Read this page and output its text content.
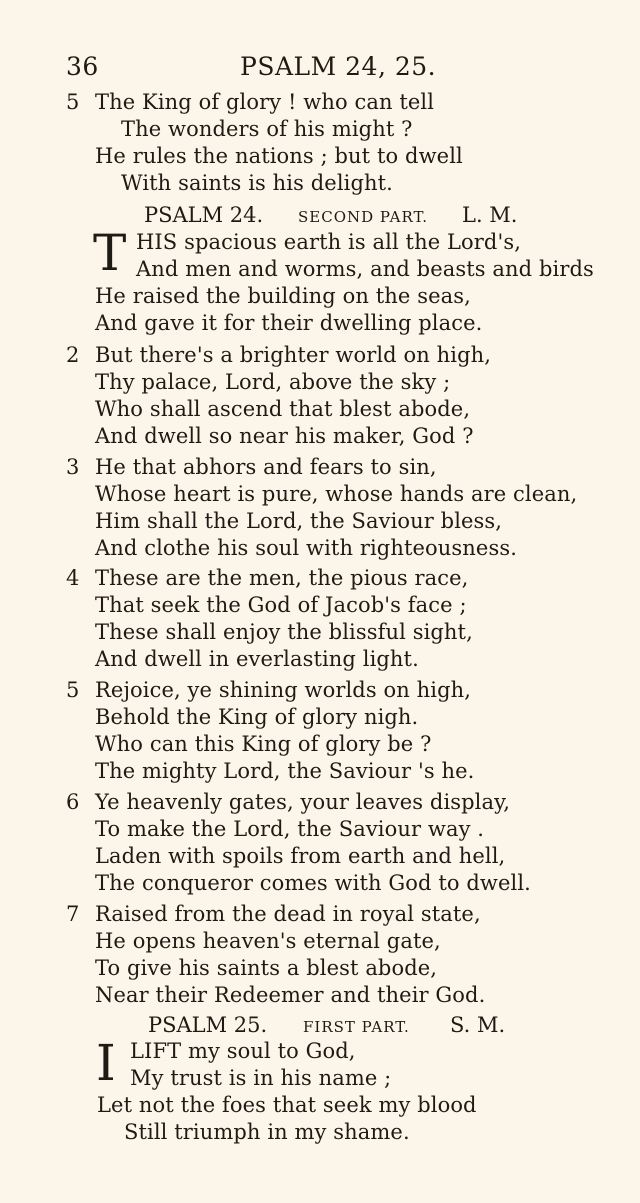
36	PSALM 24, 25.
5 The King of glory ! who can tell
The wonders of his might ?
He rules the nations ; but to dwell
With saints is his delight.
PSALM 24. SECOND PART. L. M.
T HIS spacious earth is all the Lord's,
And men and worms, and beasts and birds
He raised the building on the seas,
And gave it for their dwelling place.
2 But there's a brighter world on high,
Thy palace, Lord, above the sky ;
Who shall ascend that blest abode,
And dwell so near his maker, God ?
3 He that abhors and fears to sin,
Whose heart is pure, whose hands are clean,
Him shall the Lord, the Saviour bless,
And clothe his soul with righteousness.
4 These are the men, the pious race,
That seek the God of Jacob's face ;
These shall enjoy the blissful sight,
And dwell in everlasting light.
5 Rejoice, ye shining worlds on high,
Behold the King of glory nigh.
Who can this King of glory be ?
The mighty Lord, the Saviour 's he.
6 Ye heavenly gates, your leaves display,
To make the Lord, the Saviour way .
Laden with spoils from earth and hell,
The conqueror comes with God to dwell.
7 Raised from the dead in royal state,
He opens heaven's eternal gate,
To give his saints a blest abode,
Near their Redeemer and their God.
PSALM 25. FIRST PART. S. M.
I LIFT my soul to God,
My trust is in his name ;
Let not the foes that seek my blood
Still triumph in my shame.
